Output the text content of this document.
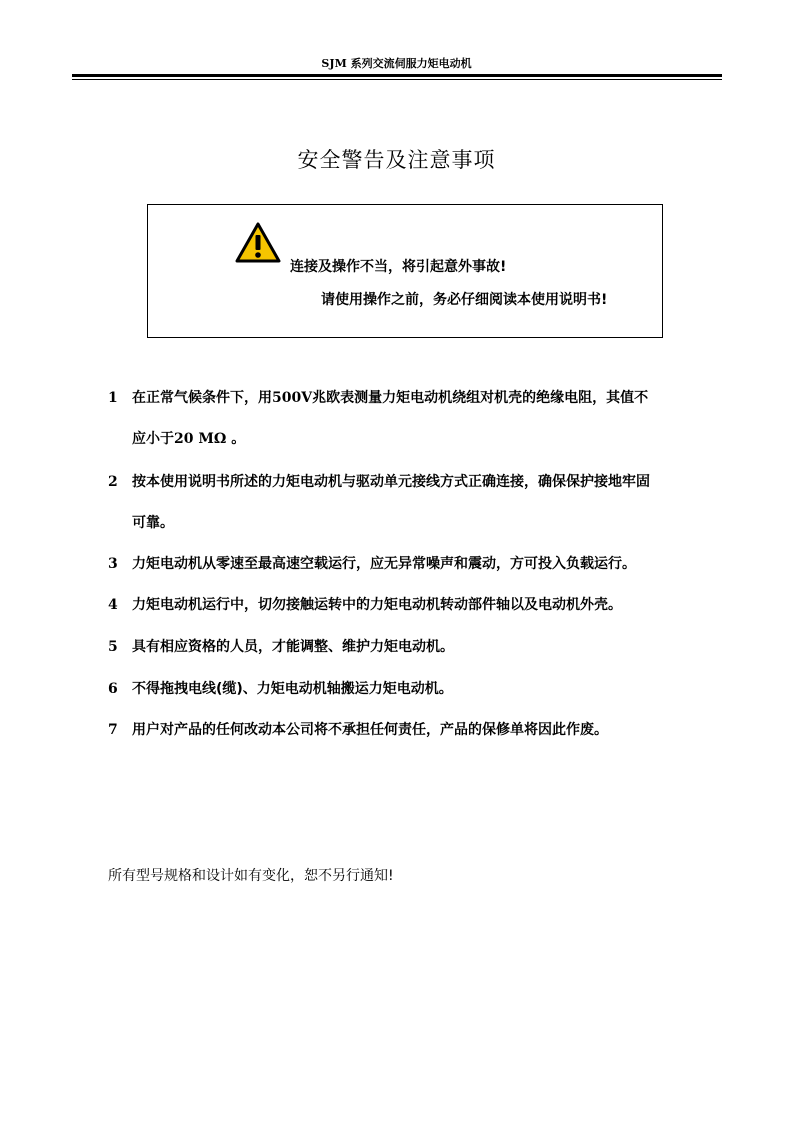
SJM 系列交流伺服力矩电动机
安全警告及注意事项
连接及操作不当，将引起意外事故!
请使用操作之前，务必仔细阅读本使用说明书!
1 在正常气候条件下，用500V兆欧表测量力矩电动机绕组对机壳的绝缘电阻，其值不
应小于20 MΩ 。
2 按本使用说明书所述的力矩电动机与驱动单元接线方式正确连接，确保保护接地牢固
可靠。
3 力矩电动机从零速至最高速空载运行，应无异常噪声和震动，方可投入负载运行。
4 力矩电动机运行中，切勿接触运转中的力矩电动机转动部件轴以及电动机外壳。
5 具有相应资格的人员，才能调整、维护力矩电动机。
6 不得拖拽电线(缆)、力矩电动机轴搬运力矩电动机。
7 用户对产品的任何改动本公司将不承担任何责任，产品的保修单将因此作废。
所有型号规格和设计如有变化，恕不另行通知!
